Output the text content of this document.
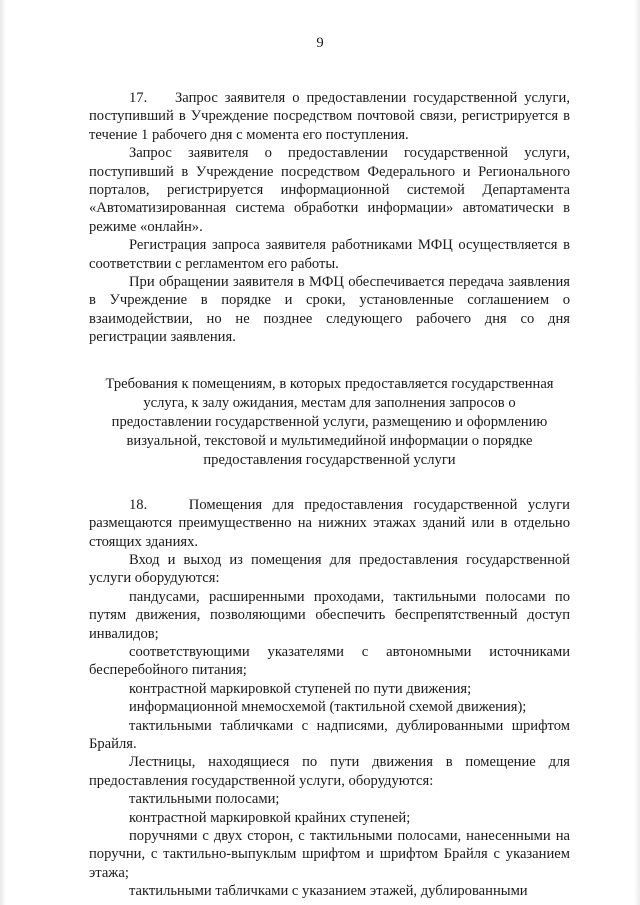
9

17.    Запрос заявителя о предоставлении государственной услуги, поступивший в Учреждение посредством почтовой связи, регистрируется в течение 1 рабочего дня с момента его поступления.

Запрос заявителя о предоставлении государственной услуги, поступивший в Учреждение посредством Федерального и Регионального порталов, регистрируется информационной системой Департамента «Автоматизированная система обработки информации» автоматически в режиме «онлайн».

Регистрация запроса заявителя работниками МФЦ осуществляется в соответствии с регламентом его работы.

При обращении заявителя в МФЦ обеспечивается передача заявления в Учреждение в порядке и сроки, установленные соглашением о взаимодействии, но не позднее следующего рабочего дня со дня регистрации заявления.

Требования к помещениям, в которых предоставляется государственная услуга, к залу ожидания, местам для заполнения запросов о предоставлении государственной услуги, размещению и оформлению визуальной, текстовой и мультимедийной информации о порядке предоставления государственной услуги

18.    Помещения для предоставления государственной услуги размещаются преимущественно на нижних этажах зданий или в отдельно стоящих зданиях.

Вход и выход из помещения для предоставления государственной услуги оборудуются:

пандусами, расширенными проходами, тактильными полосами по путям движения, позволяющими обеспечить беспрепятственный доступ инвалидов;

соответствующими указателями с автономными источниками бесперебойного питания;

контрастной маркировкой ступеней по пути движения;

информационной мнемосхемой (тактильной схемой движения);

тактильными табличками с надписями, дублированными шрифтом Брайля.

Лестницы, находящиеся по пути движения в помещение для предоставления государственной услуги, оборудуются:

тактильными полосами;

контрастной маркировкой крайних ступеней;

поручнями с двух сторон, с тактильными полосами, нанесенными на поручни, с тактильно-выпуклым шрифтом и шрифтом Брайля с указанием этажа;

тактильными табличками с указанием этажей, дублированными
